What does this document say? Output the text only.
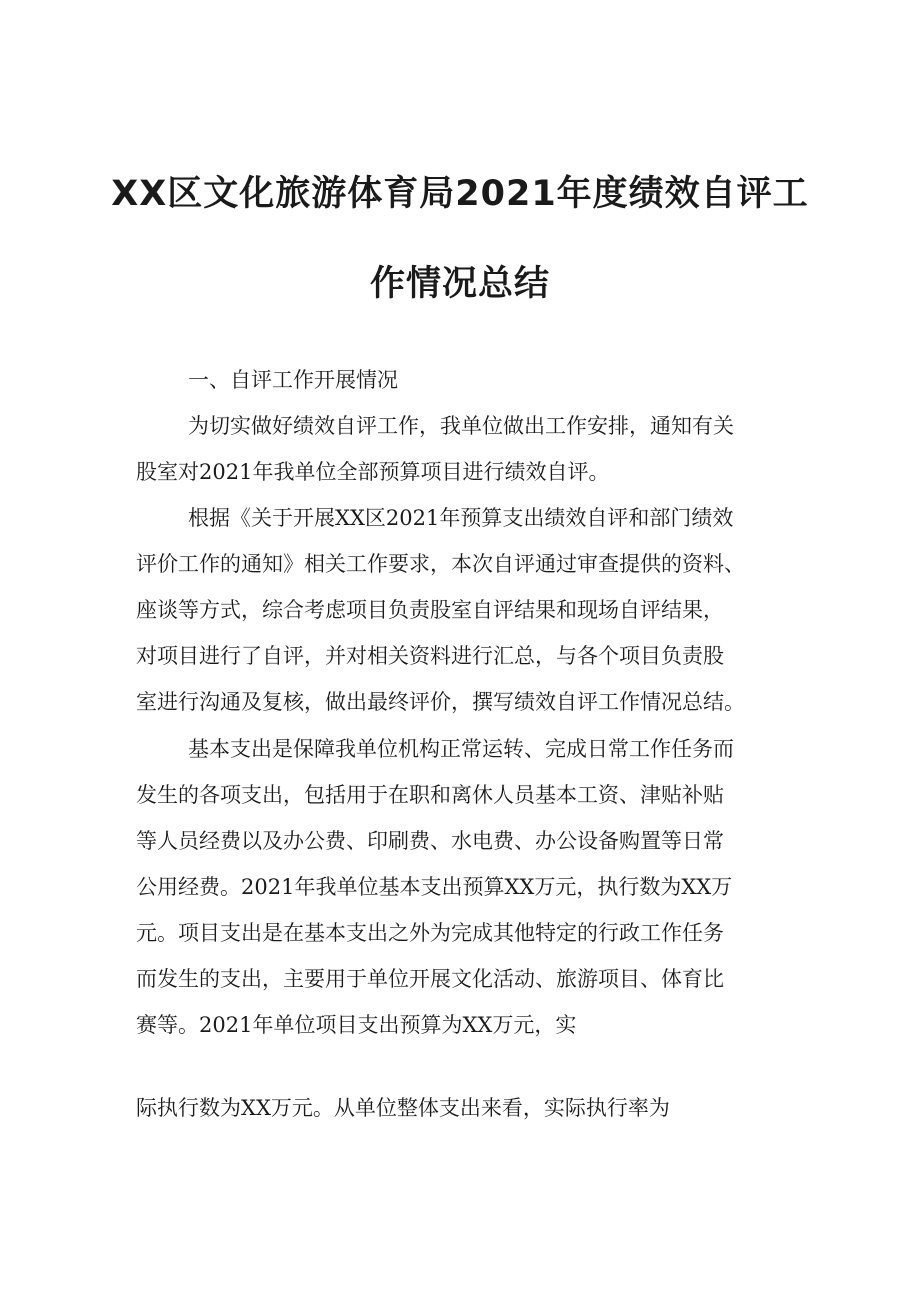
XX区文化旅游体育局2021年度绩效自评工
作情况总结

一、自评工作开展情况

为切实做好绩效自评工作，我单位做出工作安排，通知有关

股室对2021年我单位全部预算项目进行绩效自评。

根据《关于开展XX区2021年预算支出绩效自评和部门绩效

评价工作的通知》相关工作要求，本次自评通过审查提供的资料、

座谈等方式，综合考虑项目负责股室自评结果和现场自评结果，

对项目进行了自评，并对相关资料进行汇总，与各个项目负责股

室进行沟通及复核，做出最终评价，撰写绩效自评工作情况总结。

基本支出是保障我单位机构正常运转、完成日常工作任务而

发生的各项支出，包括用于在职和离休人员基本工资、津贴补贴

等人员经费以及办公费、印刷费、水电费、办公设备购置等日常

公用经费。2021年我单位基本支出预算XX万元，执行数为XX万

元。项目支出是在基本支出之外为完成其他特定的行政工作任务

而发生的支出，主要用于单位开展文化活动、旅游项目、体育比

赛等。2021年单位项目支出预算为XX万元，实

际执行数为XX万元。从单位整体支出来看，实际执行率为
